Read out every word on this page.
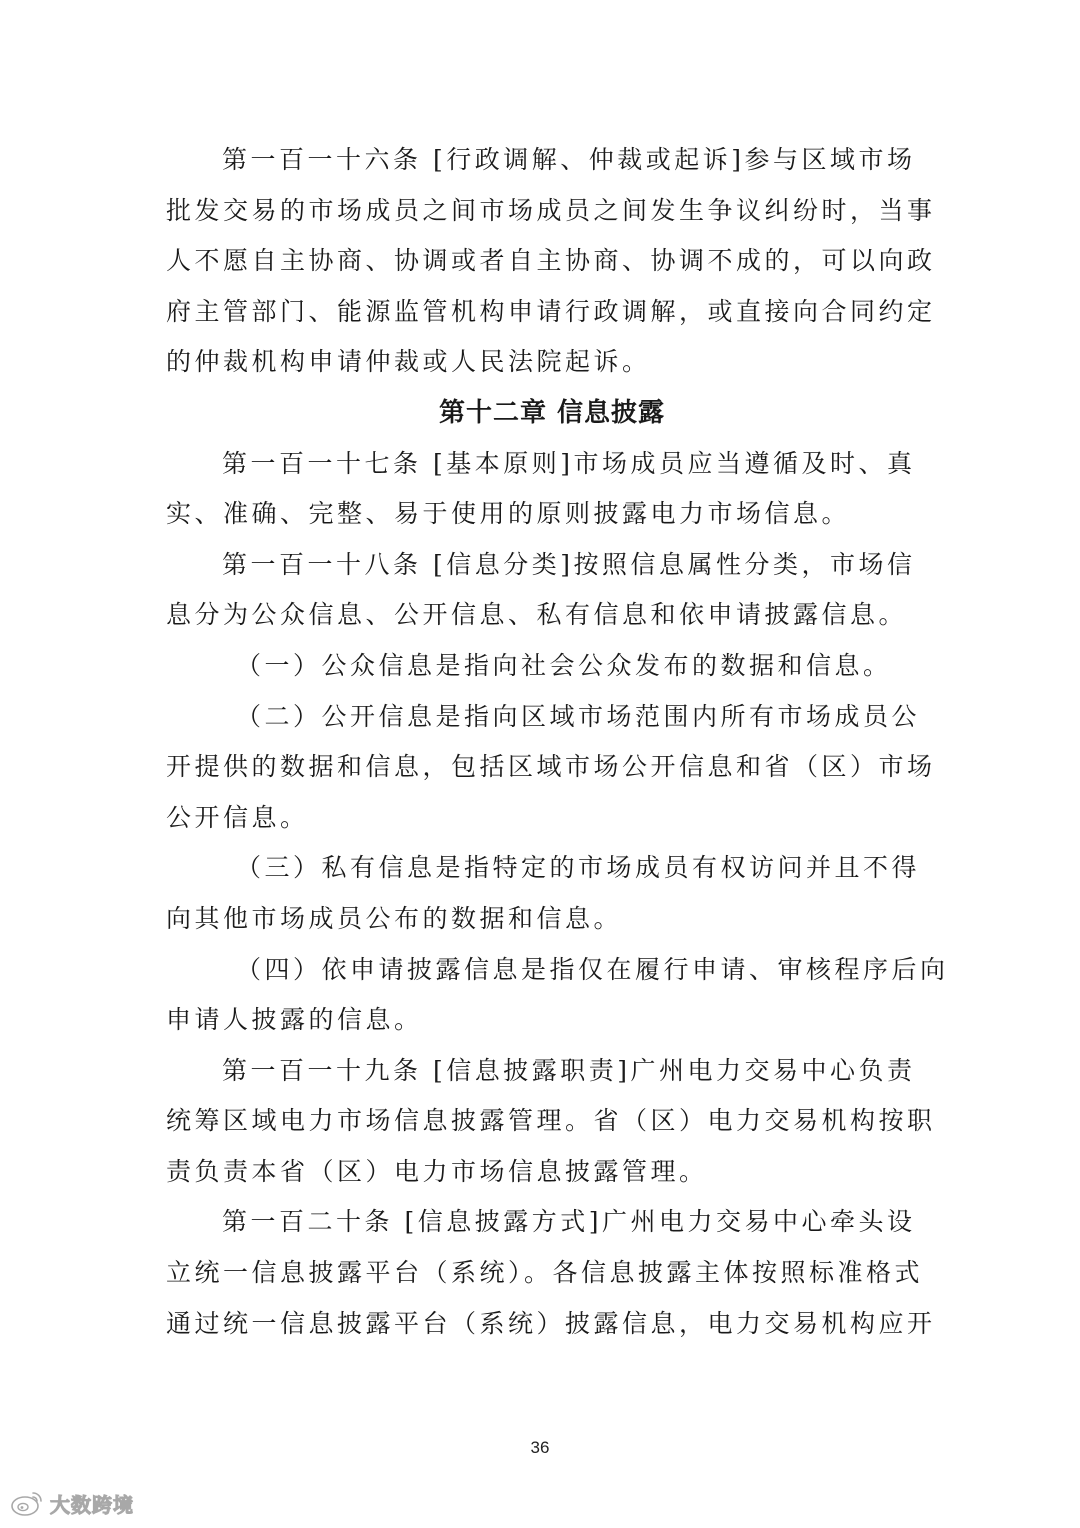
第一百一十六条 [行政调解、仲裁或起诉]参与区域市场
批发交易的市场成员之间市场成员之间发生争议纠纷时，当事
人不愿自主协商、协调或者自主协商、协调不成的，可以向政
府主管部门、能源监管机构申请行政调解，或直接向合同约定
的仲裁机构申请仲裁或人民法院起诉。
第十二章 信息披露
第一百一十七条 [基本原则]市场成员应当遵循及时、真
实、准确、完整、易于使用的原则披露电力市场信息。
第一百一十八条 [信息分类]按照信息属性分类，市场信
息分为公众信息、公开信息、私有信息和依申请披露信息。
（一）公众信息是指向社会公众发布的数据和信息。
（二）公开信息是指向区域市场范围内所有市场成员公
开提供的数据和信息，包括区域市场公开信息和省（区）市场
公开信息。
（三）私有信息是指特定的市场成员有权访问并且不得
向其他市场成员公布的数据和信息。
（四）依申请披露信息是指仅在履行申请、审核程序后向
申请人披露的信息。
第一百一十九条 [信息披露职责]广州电力交易中心负责
统筹区域电力市场信息披露管理。省（区）电力交易机构按职
责负责本省（区）电力市场信息披露管理。
第一百二十条 [信息披露方式]广州电力交易中心牵头设
立统一信息披露平台（系统）。各信息披露主体按照标准格式
通过统一信息披露平台（系统）披露信息，电力交易机构应开
36
大数跨境
